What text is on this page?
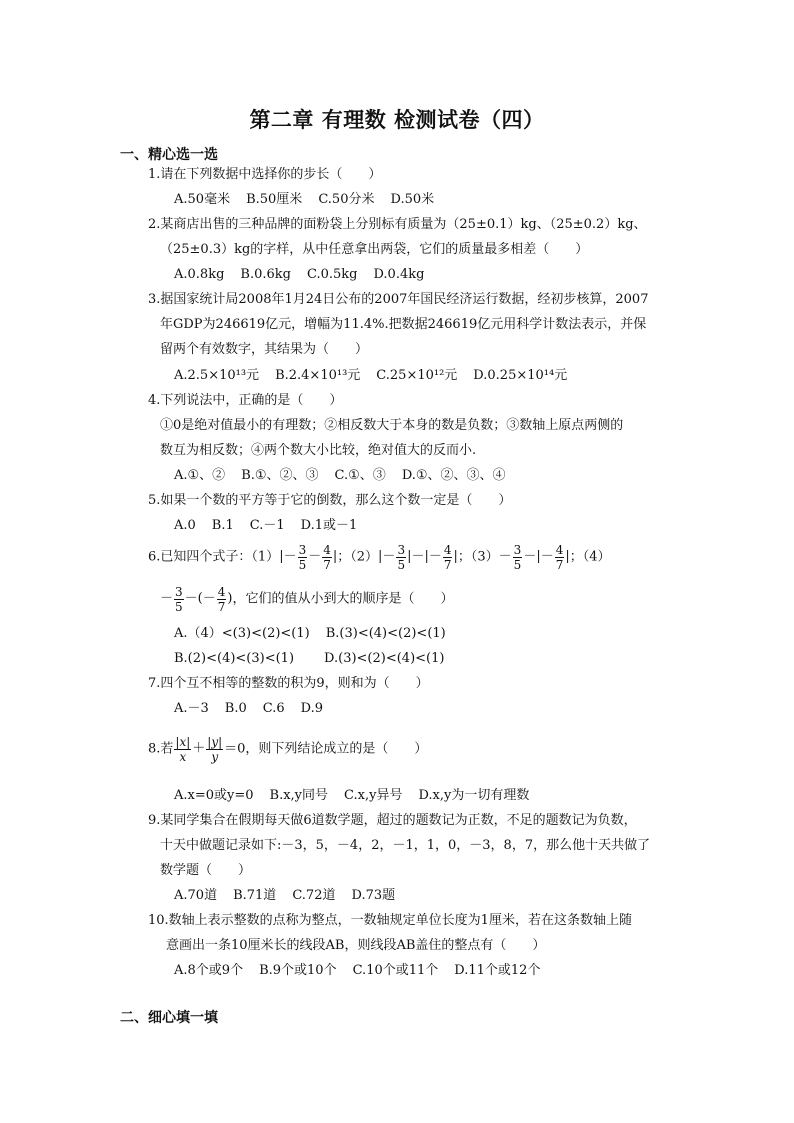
第二章 有理数 检测试卷（四）
一、精心选一选
1.请在下列数据中选择你的步长（　　）
A.50毫米 B.50厘米 C.50分米 D.50米
2.某商店出售的三种品牌的面粉袋上分别标有质量为（25±0.1）kg、（25±0.2）kg、
（25±0.3）kg的字样，从中任意拿出两袋，它们的质量最多相差（　　）
A.0.8kg B.0.6kg C.0.5kg D.0.4kg
3.据国家统计局2008年1月24日公布的2007年国民经济运行数据，经初步核算，2007
年GDP为246619亿元，增幅为11.4%.把数据246619亿元用科学计数法表示，并保
留两个有效数字，其结果为（　　）
A.2.5×10¹³元 B.2.4×10¹³元 C.25×10¹²元 D.0.25×10¹⁴元
4.下列说法中，正确的是（　　）
①0是绝对值最小的有理数；②相反数大于本身的数是负数；③数轴上原点两侧的
数互为相反数；④两个数大小比较，绝对值大的反而小.
A.①、② B.①、②、③ C.①、③ D.①、②、③、④
5.如果一个数的平方等于它的倒数，那么这个数一定是（　　）
A.0 B.1 C.－1 D.1或－1
6.已知四个式子：$(1)|- \frac{3}{5} - \frac{4}{7}$ |；$(2)|- \frac{3}{5}$ |－|－ $\frac{4}{7}$ |；$(3)- \frac{3}{5}$ －|－ $\frac{4}{7}$ |；（4）
－ $\frac{3}{5}$ －(－ $\frac{4}{7}$ )，它们的值从小到大的顺序是（　　）
A.（4）<(3)<(2)<(1) B.(3)<(4)<(2)<(1)
B.(2)<(4)<(3)<(1) D.(3)<(2)<(4)<(1)
7.四个互不相等的整数的积为9，则和为（　　）
A.－3 B.0 C.6 D.9
8.若 $\frac{|x|}{x} + \frac{|y|}{y} =0$，则下列结论成立的是（　　）
A.x=0或y=0 B.x,y同号 C.x,y异号 D.x,y为一切有理数
9.某同学集合在假期每天做6道数学题，超过的题数记为正数，不足的题数记为负数，
十天中做题记录如下:－3，5，－4，2，－1，1，0，－3，8，7，那么他十天共做了
数学题（　　）
A.70道 B.71道 C.72道 D.73题
10.数轴上表示整数的点称为整点，一数轴规定单位长度为1厘米，若在这条数轴上随
意画出一条10厘米长的线段AB，则线段AB盖住的整点有（　　）
A.8个或9个 B.9个或10个 C.10个或11个 D.11个或12个
二、细心填一填
